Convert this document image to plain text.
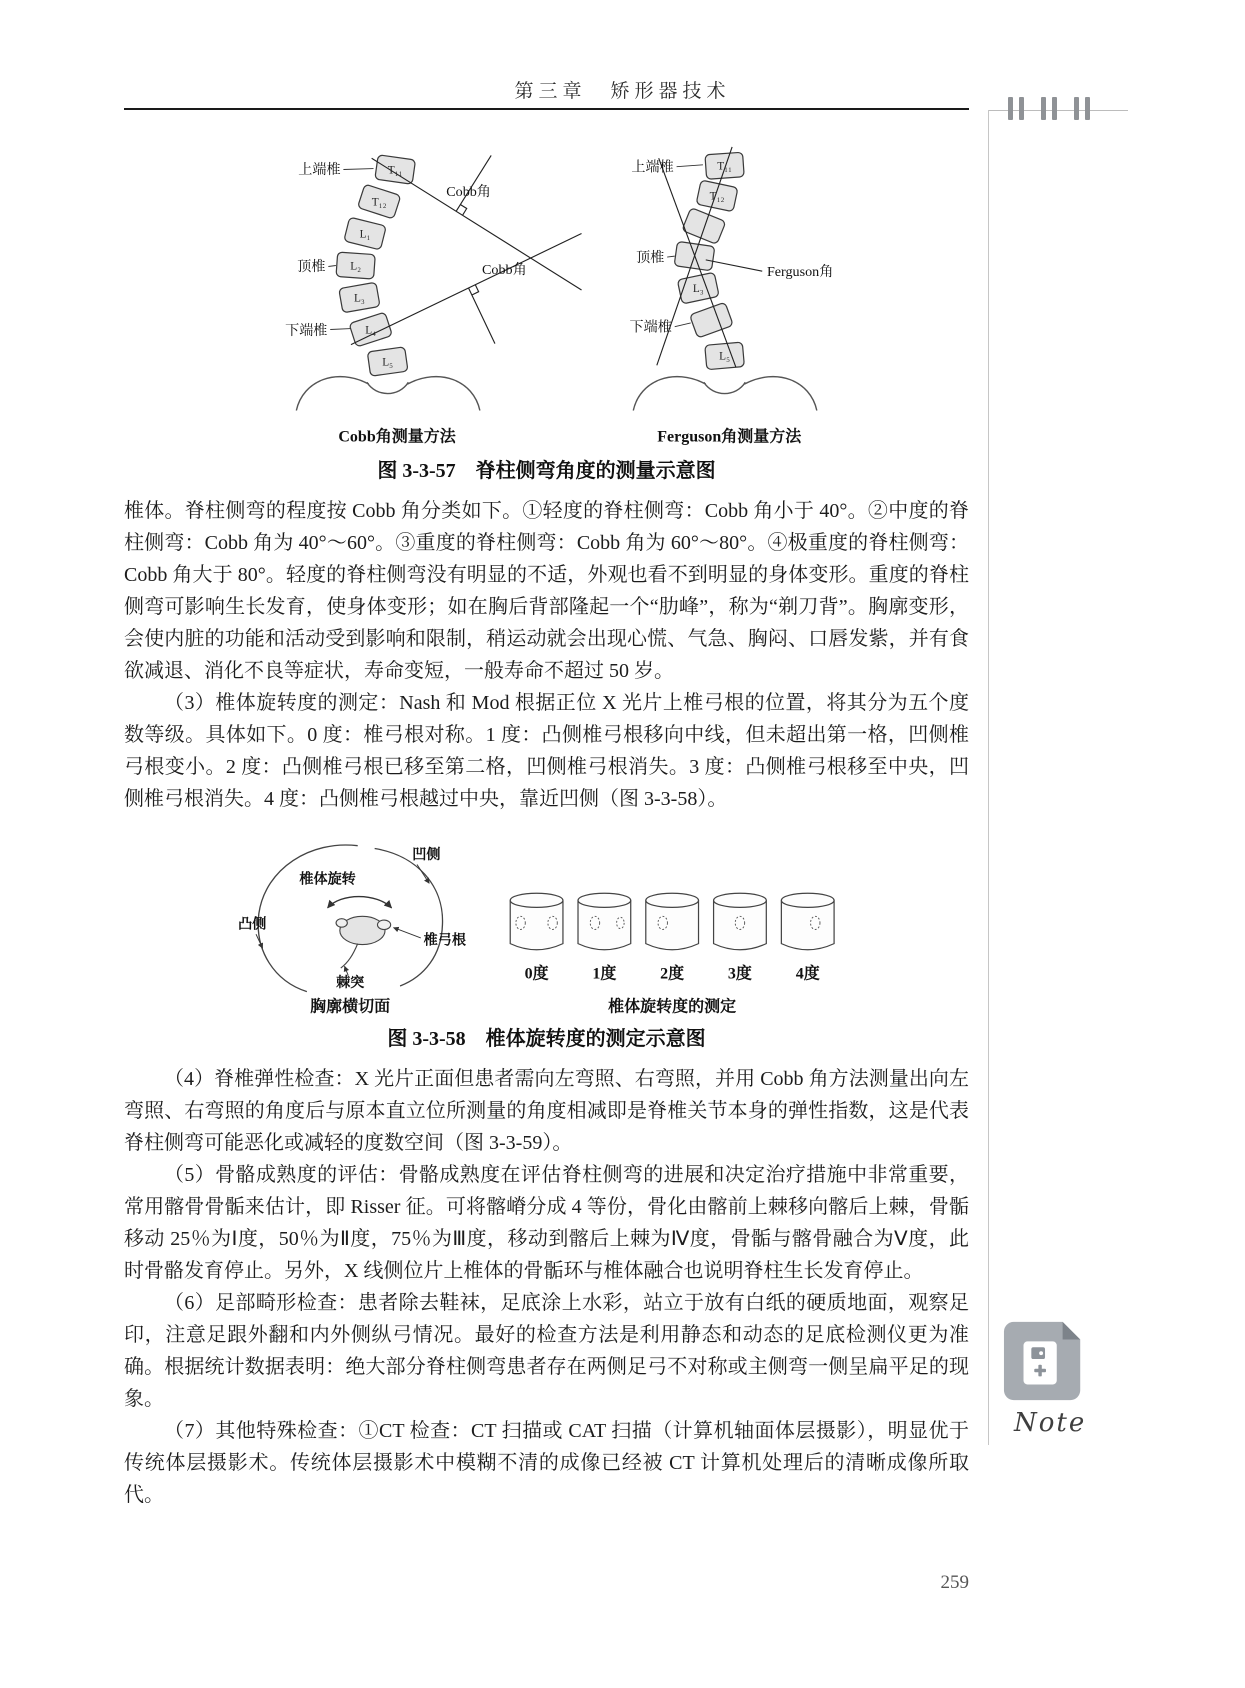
第三章　矫形器技术
T₁₁
T₁₂
L₁
L₂
L₃
L₄
L₅
上端椎
顶椎
下端椎
Cobb角
Cobb角
Cobb角测量方法
T₁₁
T₁₂
L₃
L₅
上端椎
顶椎
下端椎
Ferguson角
Ferguson角测量方法
图 3-3-57　脊柱侧弯角度的测量示意图

椎体。脊柱侧弯的程度按 Cobb 角分类如下。①轻度的脊柱侧弯：Cobb 角小于 40°。②中度的脊柱侧弯：Cobb 角为 40°～60°。③重度的脊柱侧弯：Cobb 角为 60°～80°。④极重度的脊柱侧弯：Cobb 角大于 80°。轻度的脊柱侧弯没有明显的不适，外观也看不到明显的身体变形。重度的脊柱侧弯可影响生长发育，使身体变形；如在胸后背部隆起一个“肋峰”，称为“剃刀背”。胸廓变形，会使内脏的功能和活动受到影响和限制，稍运动就会出现心慌、气急、胸闷、口唇发紫，并有食欲减退、消化不良等症状，寿命变短，一般寿命不超过 50 岁。

（3）椎体旋转度的测定：Nash 和 Mod 根据正位 X 光片上椎弓根的位置，将其分为五个度数等级。具体如下。0 度：椎弓根对称。1 度：凸侧椎弓根移向中线，但未超出第一格，凹侧椎弓根变小。2 度：凸侧椎弓根已移至第二格，凹侧椎弓根消失。3 度：凸侧椎弓根移至中央，凹侧椎弓根消失。4 度：凸侧椎弓根越过中央，靠近凹侧（图 3-3-58）。

凹侧
椎体旋转
凸侧
椎弓根
棘突
胸廓横切面
0度	1度	2度	3度	4度
椎体旋转度的测定
图 3-3-58　椎体旋转度的测定示意图

（4）脊椎弹性检查：X 光片正面但患者需向左弯照、右弯照，并用 Cobb 角方法测量出向左弯照、右弯照的角度后与原本直立位所测量的角度相减即是脊椎关节本身的弹性指数，这是代表脊柱侧弯可能恶化或减轻的度数空间（图 3-3-59）。

（5）骨骼成熟度的评估：骨骼成熟度在评估脊柱侧弯的进展和决定治疗措施中非常重要，常用髂骨骨骺来估计，即 Risser 征。可将髂嵴分成 4 等份，骨化由髂前上棘移向髂后上棘，骨骺移动 25％为Ⅰ度，50％为Ⅱ度，75％为Ⅲ度，移动到髂后上棘为Ⅳ度，骨骺与髂骨融合为Ⅴ度，此时骨骼发育停止。另外，X 线侧位片上椎体的骨骺环与椎体融合也说明脊柱生长发育停止。

（6）足部畸形检查：患者除去鞋袜，足底涂上水彩，站立于放有白纸的硬质地面，观察足印，注意足跟外翻和内外侧纵弓情况。最好的检查方法是利用静态和动态的足底检测仪更为准确。根据统计数据表明：绝大部分脊柱侧弯患者存在两侧足弓不对称或主侧弯一侧呈扁平足的现象。

（7）其他特殊检查：①CT 检查：CT 扫描或 CAT 扫描（计算机轴面体层摄影），明显优于传统体层摄影术。传统体层摄影术中模糊不清的成像已经被 CT 计算机处理后的清晰成像所取代。

Note
259
